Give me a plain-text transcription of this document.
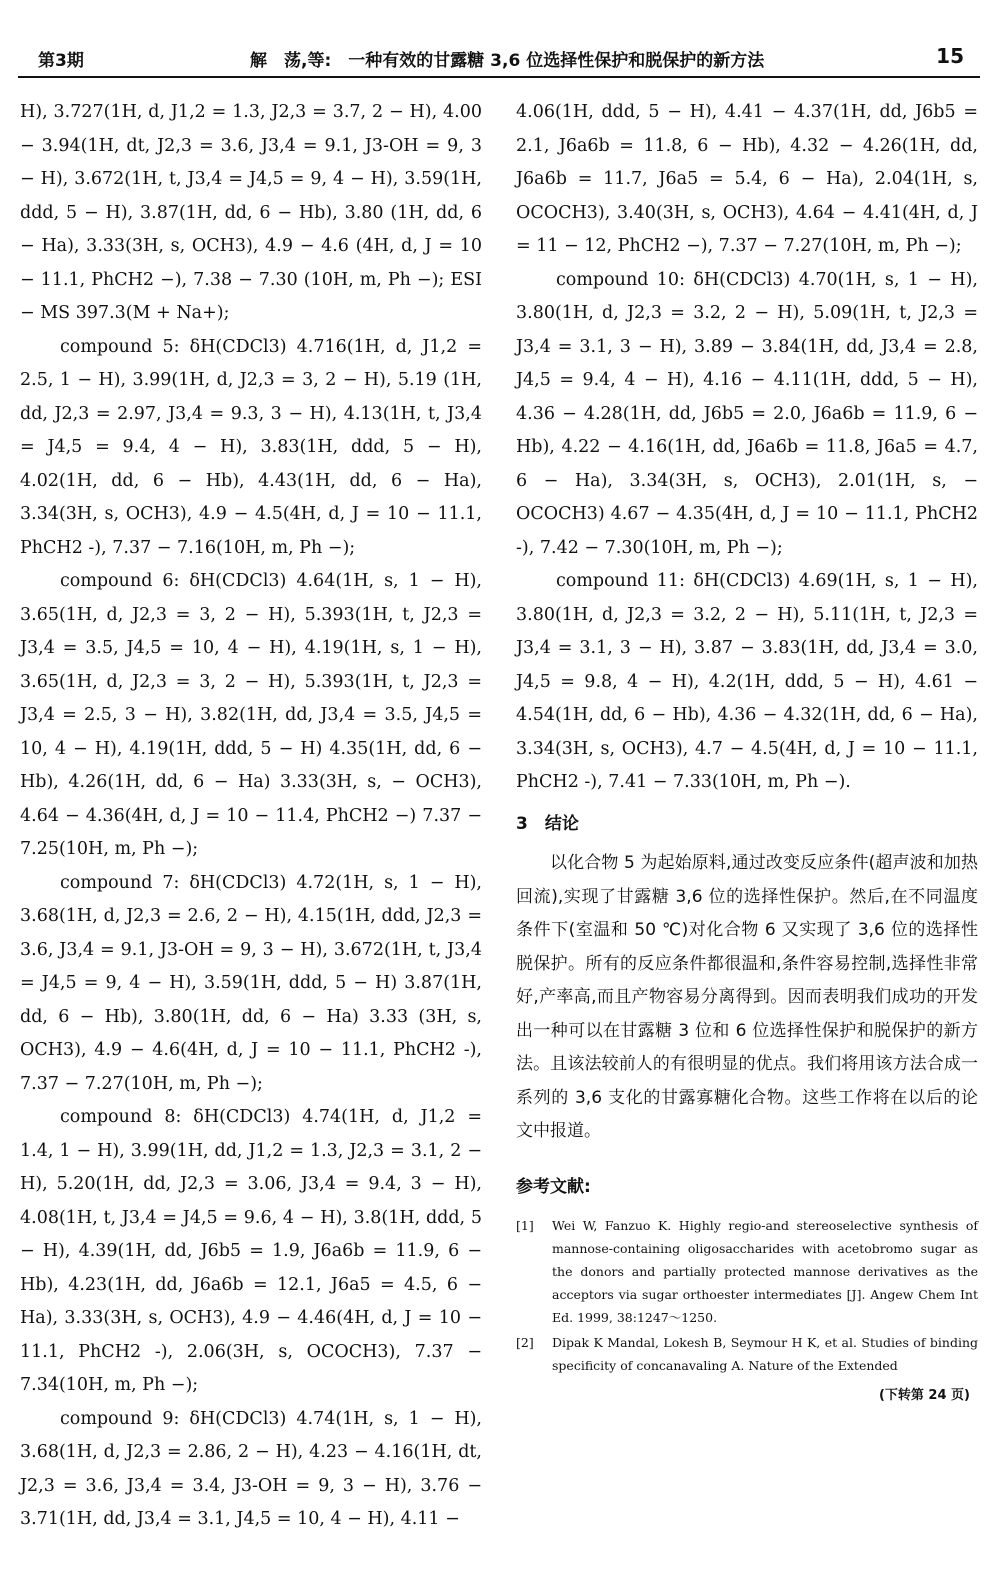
第3期	解　荡,等:　一种有效的甘露糖 3,6 位选择性保护和脱保护的新方法	15

H), 3.727(1H, d, J1,2 = 1.3, J2,3 = 3.7, 2 − H), 4.00 − 3.94(1H, dt, J2,3 = 3.6, J3,4 = 9.1, J3-OH = 9, 3 − H), 3.672(1H, t, J3,4 = J4,5 = 9, 4 − H), 3.59(1H, ddd, 5 − H), 3.87(1H, dd, 6 − Hb), 3.80 (1H, dd, 6 − Ha), 3.33(3H, s, OCH3), 4.9 − 4.6 (4H, d, J = 10 − 11.1, PhCH2 −), 7.38 − 7.30 (10H, m, Ph −); ESI − MS 397.3(M + Na+);

compound 5: δH(CDCl3) 4.716(1H, d, J1,2 = 2.5, 1 − H), 3.99(1H, d, J2,3 = 3, 2 − H), 5.19 (1H, dd, J2,3 = 2.97, J3,4 = 9.3, 3 − H), 4.13(1H, t, J3,4 = J4,5 = 9.4, 4 − H), 3.83(1H, ddd, 5 − H), 4.02(1H, dd, 6 − Hb), 4.43(1H, dd, 6 − Ha), 3.34(3H, s, OCH3), 4.9 − 4.5(4H, d, J = 10 − 11.1, PhCH2 -), 7.37 − 7.16(10H, m, Ph −);

compound 6: δH(CDCl3) 4.64(1H, s, 1 − H), 3.65(1H, d, J2,3 = 3, 2 − H), 5.393(1H, t, J2,3 = J3,4 = 3.5, J4,5 = 10, 4 − H), 4.19(1H, s, 1 − H), 3.65(1H, d, J2,3 = 3, 2 − H), 5.393(1H, t, J2,3 = J3,4 = 2.5, 3 − H), 3.82(1H, dd, J3,4 = 3.5, J4,5 = 10, 4 − H), 4.19(1H, ddd, 5 − H) 4.35(1H, dd, 6 − Hb), 4.26(1H, dd, 6 − Ha) 3.33(3H, s, − OCH3), 4.64 − 4.36(4H, d, J = 10 − 11.4, PhCH2 −) 7.37 − 7.25(10H, m, Ph −);

compound 7: δH(CDCl3) 4.72(1H, s, 1 − H), 3.68(1H, d, J2,3 = 2.6, 2 − H), 4.15(1H, ddd, J2,3 = 3.6, J3,4 = 9.1, J3-OH = 9, 3 − H), 3.672(1H, t, J3,4 = J4,5 = 9, 4 − H), 3.59(1H, ddd, 5 − H) 3.87(1H, dd, 6 − Hb), 3.80(1H, dd, 6 − Ha) 3.33 (3H, s, OCH3), 4.9 − 4.6(4H, d, J = 10 − 11.1, PhCH2 -), 7.37 − 7.27(10H, m, Ph −);

compound 8: δH(CDCl3) 4.74(1H, d, J1,2 = 1.4, 1 − H), 3.99(1H, dd, J1,2 = 1.3, J2,3 = 3.1, 2 − H), 5.20(1H, dd, J2,3 = 3.06, J3,4 = 9.4, 3 − H), 4.08(1H, t, J3,4 = J4,5 = 9.6, 4 − H), 3.8(1H, ddd, 5 − H), 4.39(1H, dd, J6b5 = 1.9, J6a6b = 11.9, 6 − Hb), 4.23(1H, dd, J6a6b = 12.1, J6a5 = 4.5, 6 − Ha), 3.33(3H, s, OCH3), 4.9 − 4.46(4H, d, J = 10 − 11.1, PhCH2 -), 2.06(3H, s, OCOCH3), 7.37 − 7.34(10H, m, Ph −);

compound 9: δH(CDCl3) 4.74(1H, s, 1 − H), 3.68(1H, d, J2,3 = 2.86, 2 − H), 4.23 − 4.16(1H, dt, J2,3 = 3.6, J3,4 = 3.4, J3-OH = 9, 3 − H), 3.76 − 3.71(1H, dd, J3,4 = 3.1, J4,5 = 10, 4 − H), 4.11 −

4.06(1H, ddd, 5 − H), 4.41 − 4.37(1H, dd, J6b5 = 2.1, J6a6b = 11.8, 6 − Hb), 4.32 − 4.26(1H, dd, J6a6b = 11.7, J6a5 = 5.4, 6 − Ha), 2.04(1H, s, OCOCH3), 3.40(3H, s, OCH3), 4.64 − 4.41(4H, d, J = 11 − 12, PhCH2 −), 7.37 − 7.27(10H, m, Ph −);

compound 10: δH(CDCl3) 4.70(1H, s, 1 − H), 3.80(1H, d, J2,3 = 3.2, 2 − H), 5.09(1H, t, J2,3 = J3,4 = 3.1, 3 − H), 3.89 − 3.84(1H, dd, J3,4 = 2.8, J4,5 = 9.4, 4 − H), 4.16 − 4.11(1H, ddd, 5 − H), 4.36 − 4.28(1H, dd, J6b5 = 2.0, J6a6b = 11.9, 6 − Hb), 4.22 − 4.16(1H, dd, J6a6b = 11.8, J6a5 = 4.7, 6 − Ha), 3.34(3H, s, OCH3), 2.01(1H, s, − OCOCH3) 4.67 − 4.35(4H, d, J = 10 − 11.1, PhCH2 -), 7.42 − 7.30(10H, m, Ph −);

compound 11: δH(CDCl3) 4.69(1H, s, 1 − H), 3.80(1H, d, J2,3 = 3.2, 2 − H), 5.11(1H, t, J2,3 = J3,4 = 3.1, 3 − H), 3.87 − 3.83(1H, dd, J3,4 = 3.0, J4,5 = 9.8, 4 − H), 4.2(1H, ddd, 5 − H), 4.61 − 4.54(1H, dd, 6 − Hb), 4.36 − 4.32(1H, dd, 6 − Ha), 3.34(3H, s, OCH3), 4.7 − 4.5(4H, d, J = 10 − 11.1, PhCH2 -), 7.41 − 7.33(10H, m, Ph −).

3　结论

以化合物 5 为起始原料,通过改变反应条件(超声波和加热回流),实现了甘露糖 3,6 位的选择性保护。然后,在不同温度条件下(室温和 50 ℃)对化合物 6 又实现了 3,6 位的选择性脱保护。所有的反应条件都很温和,条件容易控制,选择性非常好,产率高,而且产物容易分离得到。因而表明我们成功的开发出一种可以在甘露糖 3 位和 6 位选择性保护和脱保护的新方法。且该法较前人的有很明显的优点。我们将用该方法合成一系列的 3,6 支化的甘露寡糖化合物。这些工作将在以后的论文中报道。

参考文献:
[1] Wei W, Fanzuo K. Highly regio-and stereoselective synthesis of mannose-containing oligosaccharides with acetobromo sugar as the donors and partially protected mannose derivatives as the acceptors via sugar orthoester intermediates [J]. Angew Chem Int Ed. 1999, 38:1247～1250.
[2] Dipak K Mandal, Lokesh B, Seymour H K, et al. Studies of binding specificity of concanavaling A. Nature of the Extended
(下转第 24 页)
